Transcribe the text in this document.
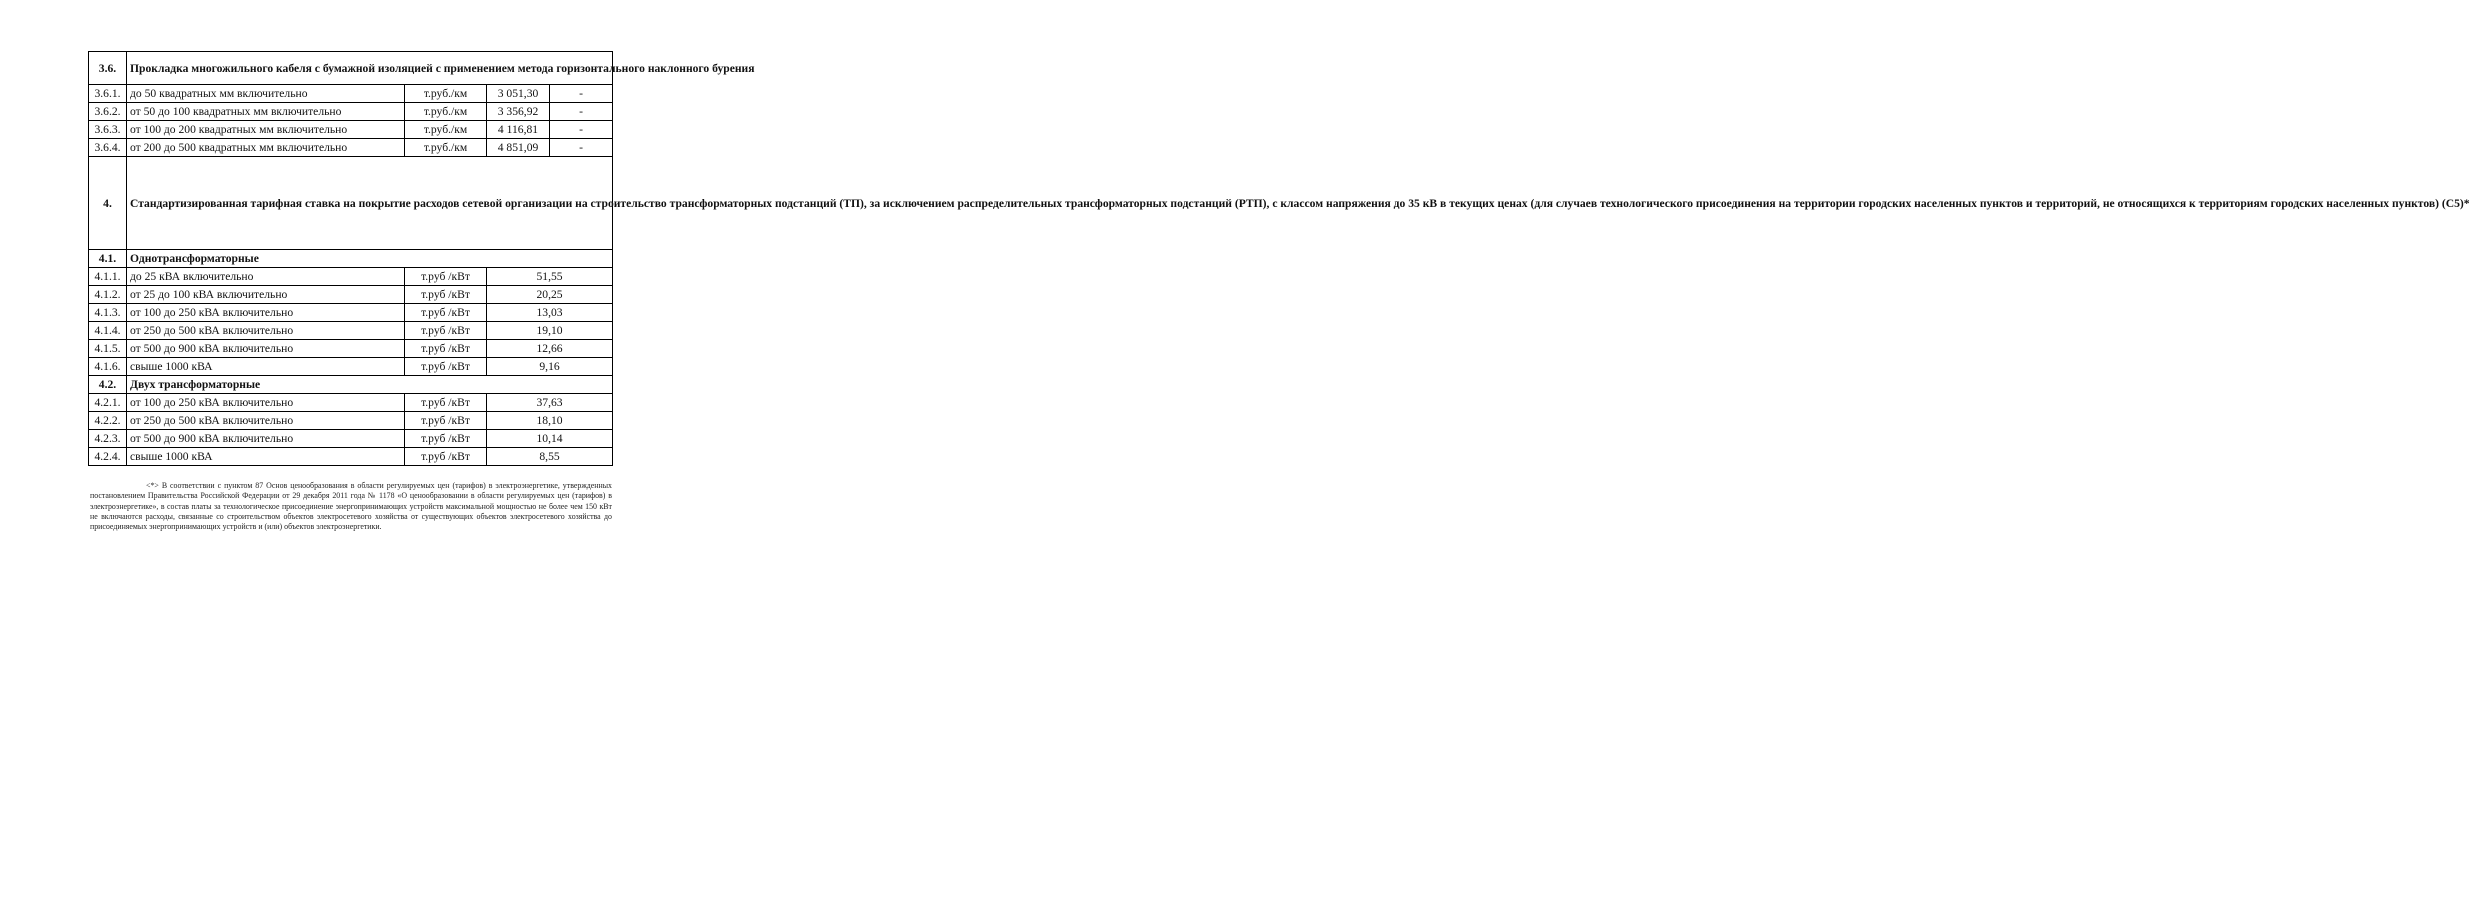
3.6.	Прокладка многожильного кабеля с бумажной изоляцией с применением метода горизонтального наклонного бурения			
3.6.1.	до 50 квадратных мм включительно	т.руб./км	3 051,30	-
3.6.2.	от 50 до 100 квадратных мм включительно	т.руб./км	3 356,92	-
3.6.3.	от 100 до 200 квадратных мм включительно	т.руб./км	4 116,81	-
3.6.4.	от 200 до 500 квадратных мм включительно	т.руб./км	4 851,09	-
4.	Стандартизированная тарифная ставка на покрытие расходов сетевой организации на строительство трансформаторных подстанций (ТП), за исключением распределительных трансформаторных подстанций (РТП), с классом напряжения до 35 кВ в текущих ценах (для случаев технологического присоединения на территории городских населенных пунктов и территорий, не относящихся к территориям городских населенных пунктов) (С5)*			
4.1.	Однотрансформаторные			
4.1.1.	до 25 кВА включительно	т.руб /кВт	51,55	
4.1.2.	от 25 до 100 кВА включительно	т.руб /кВт	20,25	
4.1.3.	от 100 до 250 кВА включительно	т.руб /кВт	13,03	
4.1.4.	от 250 до 500 кВА включительно	т.руб /кВт	19,10	
4.1.5.	от 500 до 900 кВА включительно	т.руб /кВт	12,66	
4.1.6.	свыше 1000 кВА	т.руб /кВт	9,16	
4.2.	Двух трансформаторные			
4.2.1.	от 100 до 250 кВА включительно	т.руб /кВт	37,63	
4.2.2.	от 250 до 500 кВА включительно	т.руб /кВт	18,10	
4.2.3.	от 500 до 900 кВА включительно	т.руб /кВт	10,14	
4.2.4.	свыше 1000 кВА	т.руб /кВт	8,55	

<*> В соответствии с пунктом 87 Основ ценообразования в области регулируемых цен (тарифов) в электроэнергетике, утвержденных постановлением Правительства Российской Федерации от 29 декабря 2011 года № 1178 «О ценообразовании в области регулируемых цен (тарифов) в электроэнергетике», в состав платы за технологическое присоединение энергопринимающих устройств максимальной мощностью не более чем 150 кВт не включаются расходы, связанные со строительством объектов электросетевого хозяйства от существующих объектов электросетевого хозяйства до присоединяемых энергопринимающих устройств и (или) объектов электроэнергетики.
